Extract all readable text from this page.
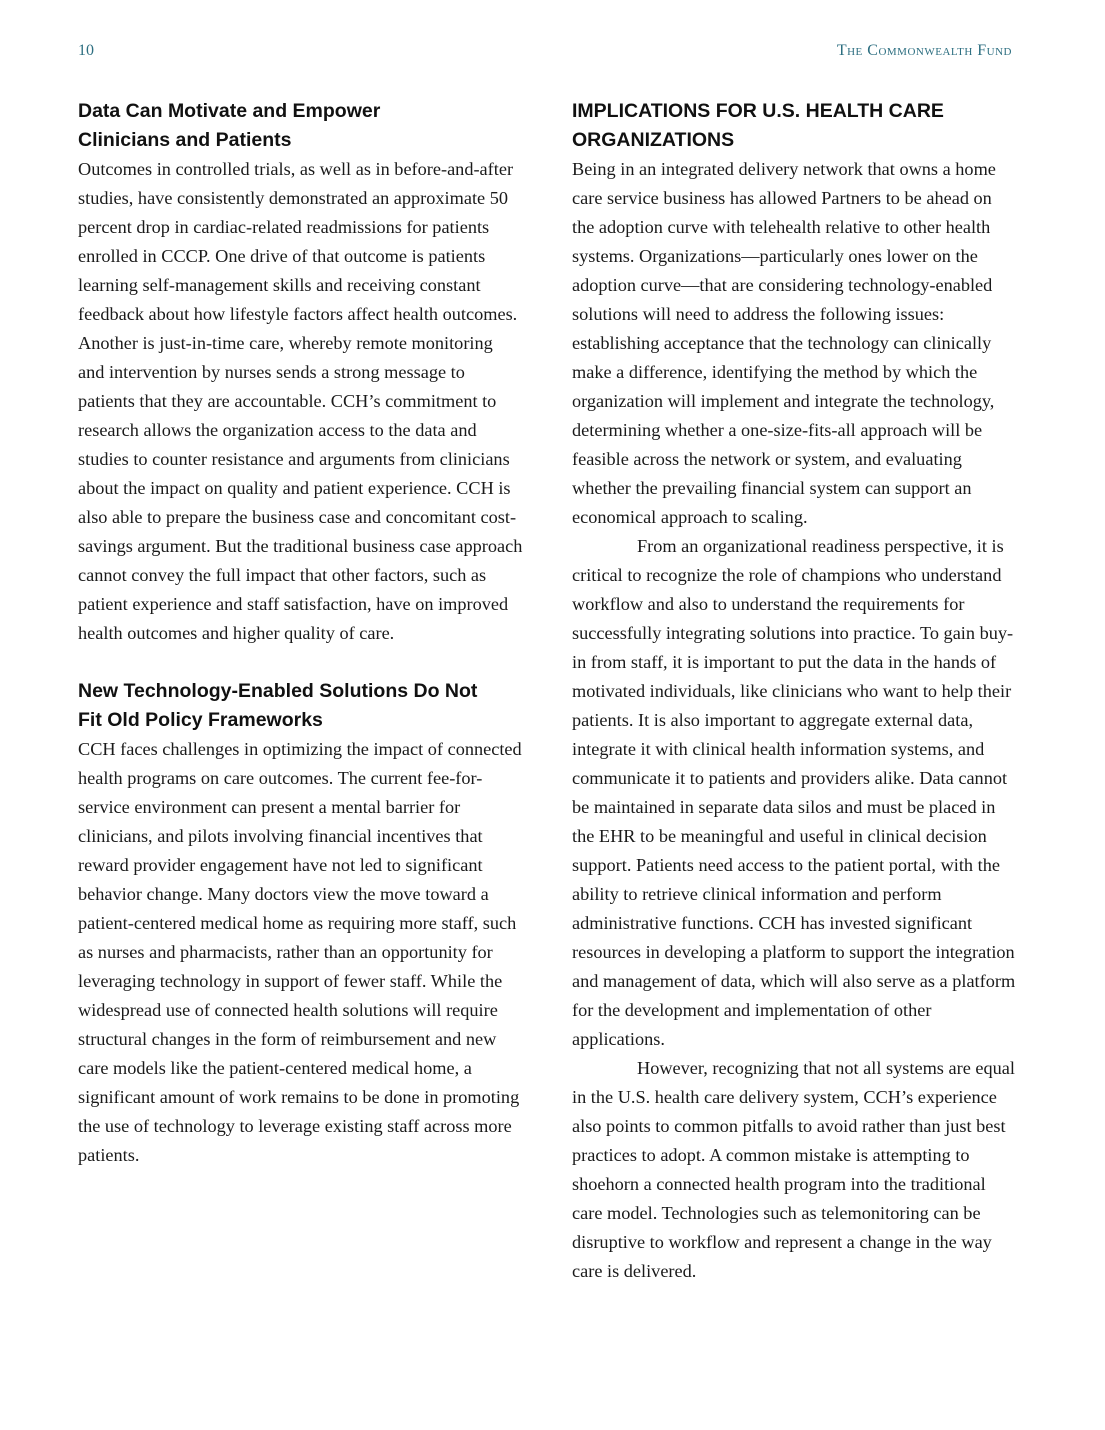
10	The Commonwealth Fund
Data Can Motivate and Empower
Clinicians and Patients

Outcomes in controlled trials, as well as in before-and-after studies, have consistently demonstrated an approximate 50 percent drop in cardiac-related readmissions for patients enrolled in CCCP. One drive of that outcome is patients learning self-management skills and receiving constant feedback about how lifestyle factors affect health outcomes. Another is just-in-time care, whereby remote monitoring and intervention by nurses sends a strong message to patients that they are accountable. CCH’s commitment to research allows the organization access to the data and studies to counter resistance and arguments from clinicians about the impact on quality and patient experience. CCH is also able to prepare the business case and concomitant cost-savings argument. But the traditional business case approach cannot convey the full impact that other factors, such as patient experience and staff satisfaction, have on improved health outcomes and higher quality of care.

New Technology-Enabled Solutions Do Not
Fit Old Policy Frameworks

CCH faces challenges in optimizing the impact of connected health programs on care outcomes. The current fee-for-service environment can present a mental barrier for clinicians, and pilots involving financial incentives that reward provider engagement have not led to significant behavior change. Many doctors view the move toward a patient-centered medical home as requiring more staff, such as nurses and pharmacists, rather than an opportunity for leveraging technology in support of fewer staff. While the widespread use of connected health solutions will require structural changes in the form of reimbursement and new care models like the patient-centered medical home, a significant amount of work remains to be done in promoting the use of technology to leverage existing staff across more patients.

IMPLICATIONS FOR U.S. HEALTH CARE
ORGANIZATIONS

Being in an integrated delivery network that owns a home care service business has allowed Partners to be ahead on the adoption curve with telehealth relative to other health systems. Organizations—particularly ones lower on the adoption curve—that are considering technology-enabled solutions will need to address the following issues: establishing acceptance that the technology can clinically make a difference, identifying the method by which the organization will implement and integrate the technology, determining whether a one-size-fits-all approach will be feasible across the network or system, and evaluating whether the prevailing financial system can support an economical approach to scaling.

From an organizational readiness perspective, it is critical to recognize the role of champions who understand workflow and also to understand the requirements for successfully integrating solutions into practice. To gain buy-in from staff, it is important to put the data in the hands of motivated individuals, like clinicians who want to help their patients. It is also important to aggregate external data, integrate it with clinical health information systems, and communicate it to patients and providers alike. Data cannot be maintained in separate data silos and must be placed in the EHR to be meaningful and useful in clinical decision support. Patients need access to the patient portal, with the ability to retrieve clinical information and perform administrative functions. CCH has invested significant resources in developing a platform to support the integration and management of data, which will also serve as a platform for the development and implementation of other applications.

However, recognizing that not all systems are equal in the U.S. health care delivery system, CCH’s experience also points to common pitfalls to avoid rather than just best practices to adopt. A common mistake is attempting to shoehorn a connected health program into the traditional care model. Technologies such as telemonitoring can be disruptive to workflow and represent a change in the way care is delivered.
